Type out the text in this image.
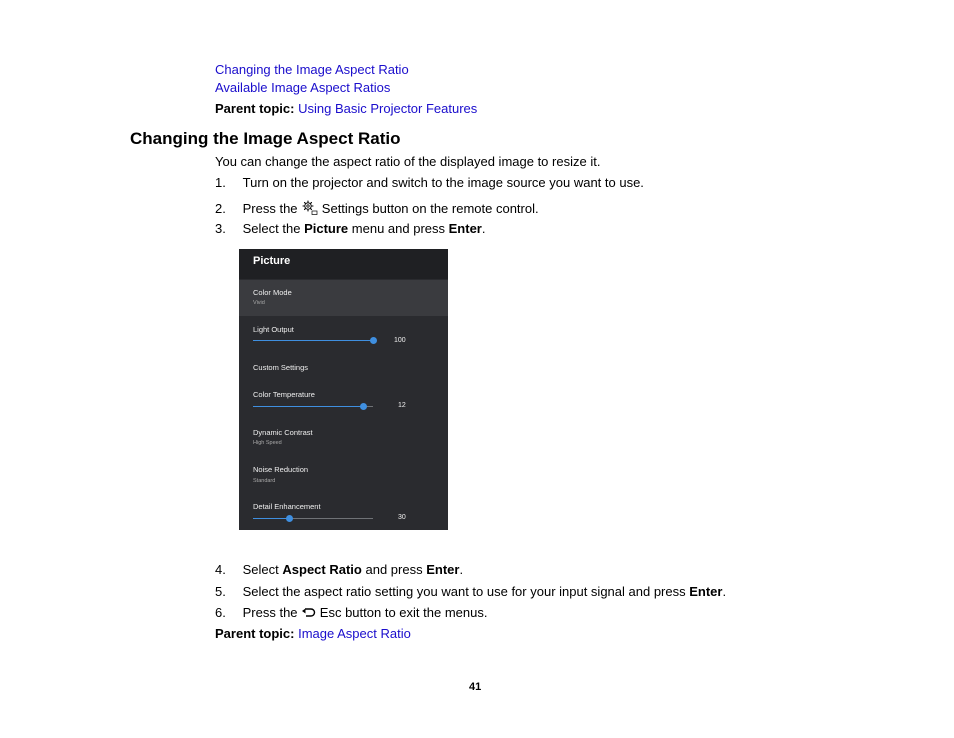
Changing the Image Aspect Ratio
Available Image Aspect Ratios
Parent topic: Using Basic Projector Features
Changing the Image Aspect Ratio
You can change the aspect ratio of the displayed image to resize it.
1. Turn on the projector and switch to the image source you want to use.
2. Press the Settings button on the remote control.
3. Select the Picture menu and press Enter.
Picture
Color Mode
Vivid
Light Output
100
Custom Settings
Color Temperature
12
Dynamic Contrast
High Speed
Noise Reduction
Standard
Detail Enhancement
30
4. Select Aspect Ratio and press Enter.
5. Select the aspect ratio setting you want to use for your input signal and press Enter.
6. Press the Esc button to exit the menus.
Parent topic: Image Aspect Ratio
41
